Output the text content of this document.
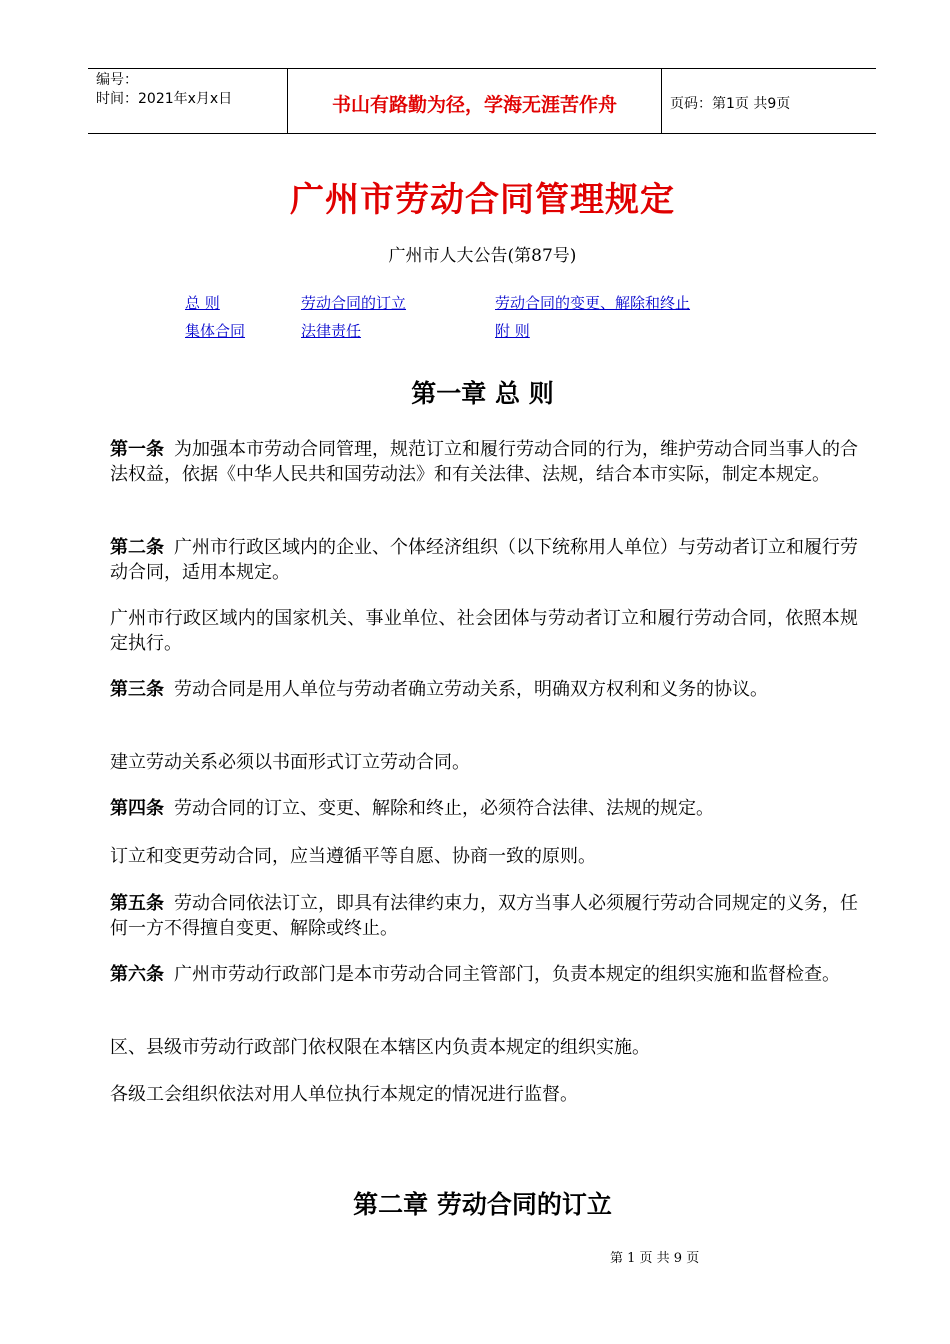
编号：
时间：2021年x月x日	书山有路勤为径，学海无涯苦作舟	页码：第1页 共9页
广州市劳动合同管理规定
广州市人大公告(第87号)
总 则	劳动合同的订立	劳动合同的变更、解除和终止
集体合同	法律责任	附 则
第一章 总 则
第一条 为加强本市劳动合同管理，规范订立和履行劳动合同的行为，维护劳动合同当事人的合法权益，依据《中华人民共和国劳动法》和有关法律、法规，结合本市实际，制定本规定。
第二条 广州市行政区域内的企业、个体经济组织（以下统称用人单位）与劳动者订立和履行劳动合同，适用本规定。
广州市行政区域内的国家机关、事业单位、社会团体与劳动者订立和履行劳动合同，依照本规定执行。
第三条 劳动合同是用人单位与劳动者确立劳动关系，明确双方权利和义务的协议。
建立劳动关系必须以书面形式订立劳动合同。
第四条 劳动合同的订立、变更、解除和终止，必须符合法律、法规的规定。
订立和变更劳动合同，应当遵循平等自愿、协商一致的原则。
第五条 劳动合同依法订立，即具有法律约束力，双方当事人必须履行劳动合同规定的义务，任何一方不得擅自变更、解除或终止。
第六条 广州市劳动行政部门是本市劳动合同主管部门，负责本规定的组织实施和监督检查。
区、县级市劳动行政部门依权限在本辖区内负责本规定的组织实施。
各级工会组织依法对用人单位执行本规定的情况进行监督。
第二章 劳动合同的订立
第 1 页 共 9 页
